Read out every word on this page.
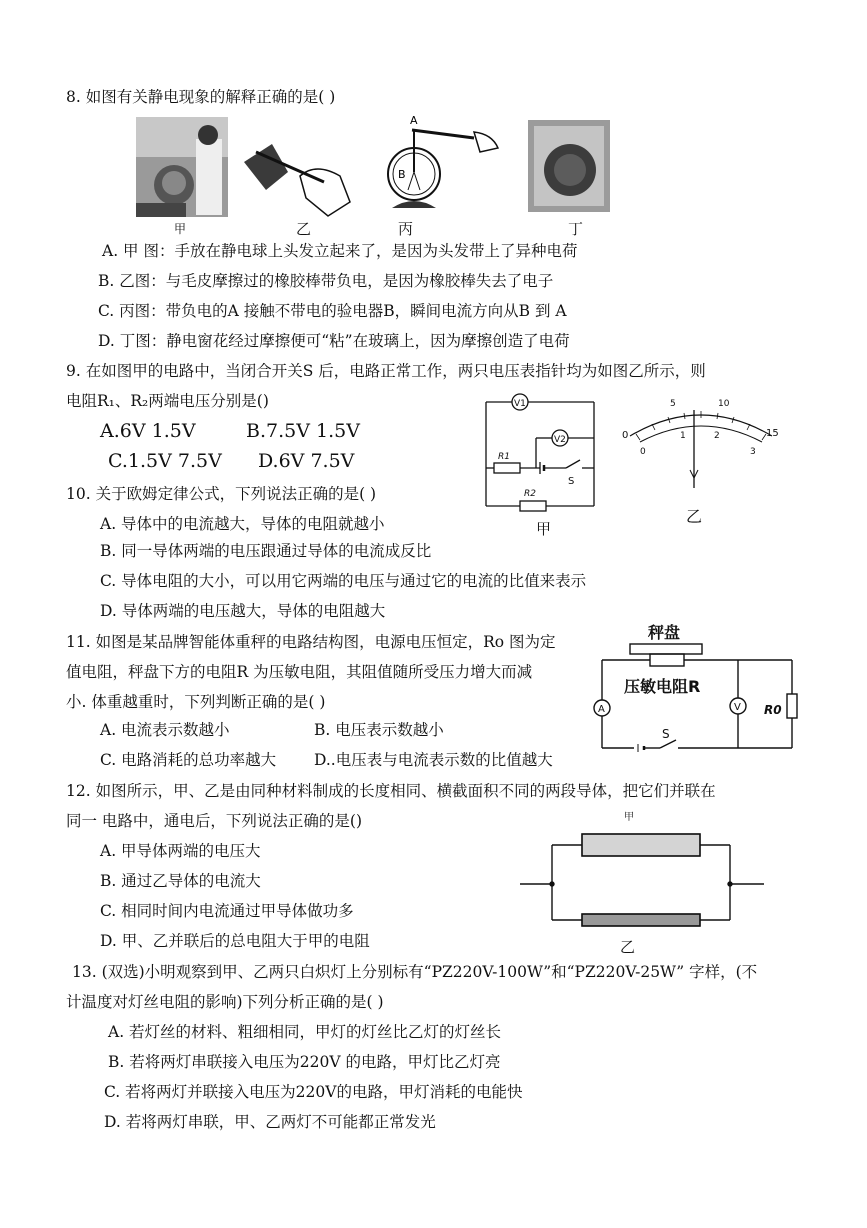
8. 如图有关静电现象的解释正确的是( )
甲	乙
A
B
丙	丁
A. 甲 图：手放在静电球上头发立起来了，是因为头发带上了异种电荷
B. 乙图：与毛皮摩擦过的橡胶棒带负电，是因为橡胶棒失去了电子
C. 丙图：带负电的A 接触不带电的验电器B，瞬间电流方向从B 到 A
D. 丁图：静电窗花经过摩擦便可“粘”在玻璃上，因为摩擦创造了电荷
9. 在如图甲的电路中，当闭合开关S 后，电路正常工作，两只电压表指针均为如图乙所示，则
电阻R₁、R₂两端电压分别是()
A.6V 1.5V	B.7.5V 1.5V
C.1.5V 7.5V D.6V 7.5V
V1
V2
R1
S
R2
甲
0
5	10
15
0
1	2
3
乙
10. 关于欧姆定律公式，下列说法正确的是( )
A. 导体中的电流越大，导体的电阻就越小
B. 同一导体两端的电压跟通过导体的电流成反比
C. 导体电阻的大小，可以用它两端的电压与通过它的电流的比值来表示
D. 导体两端的电压越大，导体的电阻越大
11. 如图是某品牌智能体重秤的电路结构图，电源电压恒定，Ro 图为定
值电阻，秤盘下方的电阻R 为压敏电阻，其阻值随所受压力增大而减
小. 体重越重时，下列判断正确的是( )
A. 电流表示数越小	B. 电压表示数越小
C. 电路消耗的总功率越大 D..电压表与电流表示数的比值越大
秤盘
压敏电阻R
A	V R0
S
12. 如图所示，甲、乙是由同种材料制成的长度相同、横截面积不同的两段导体，把它们并联在
同一 电路中，通电后，下列说法正确的是()
A. 甲导体两端的电压大
B. 通过乙导体的电流大
C. 相同时间内电流通过甲导体做功多
D. 甲、乙并联后的总电阻大于甲的电阻
甲
乙
13. (双选)小明观察到甲、乙两只白炽灯上分别标有“PZ220V-100W”和“PZ220V-25W” 字样，(不
计温度对灯丝电阻的影响)下列分析正确的是( )
A. 若灯丝的材料、粗细相同，甲灯的灯丝比乙灯的灯丝长
B. 若将两灯串联接入电压为220V 的电路，甲灯比乙灯亮
C. 若将两灯并联接入电压为220V的电路，甲灯消耗的电能快
D. 若将两灯串联，甲、乙两灯不可能都正常发光
